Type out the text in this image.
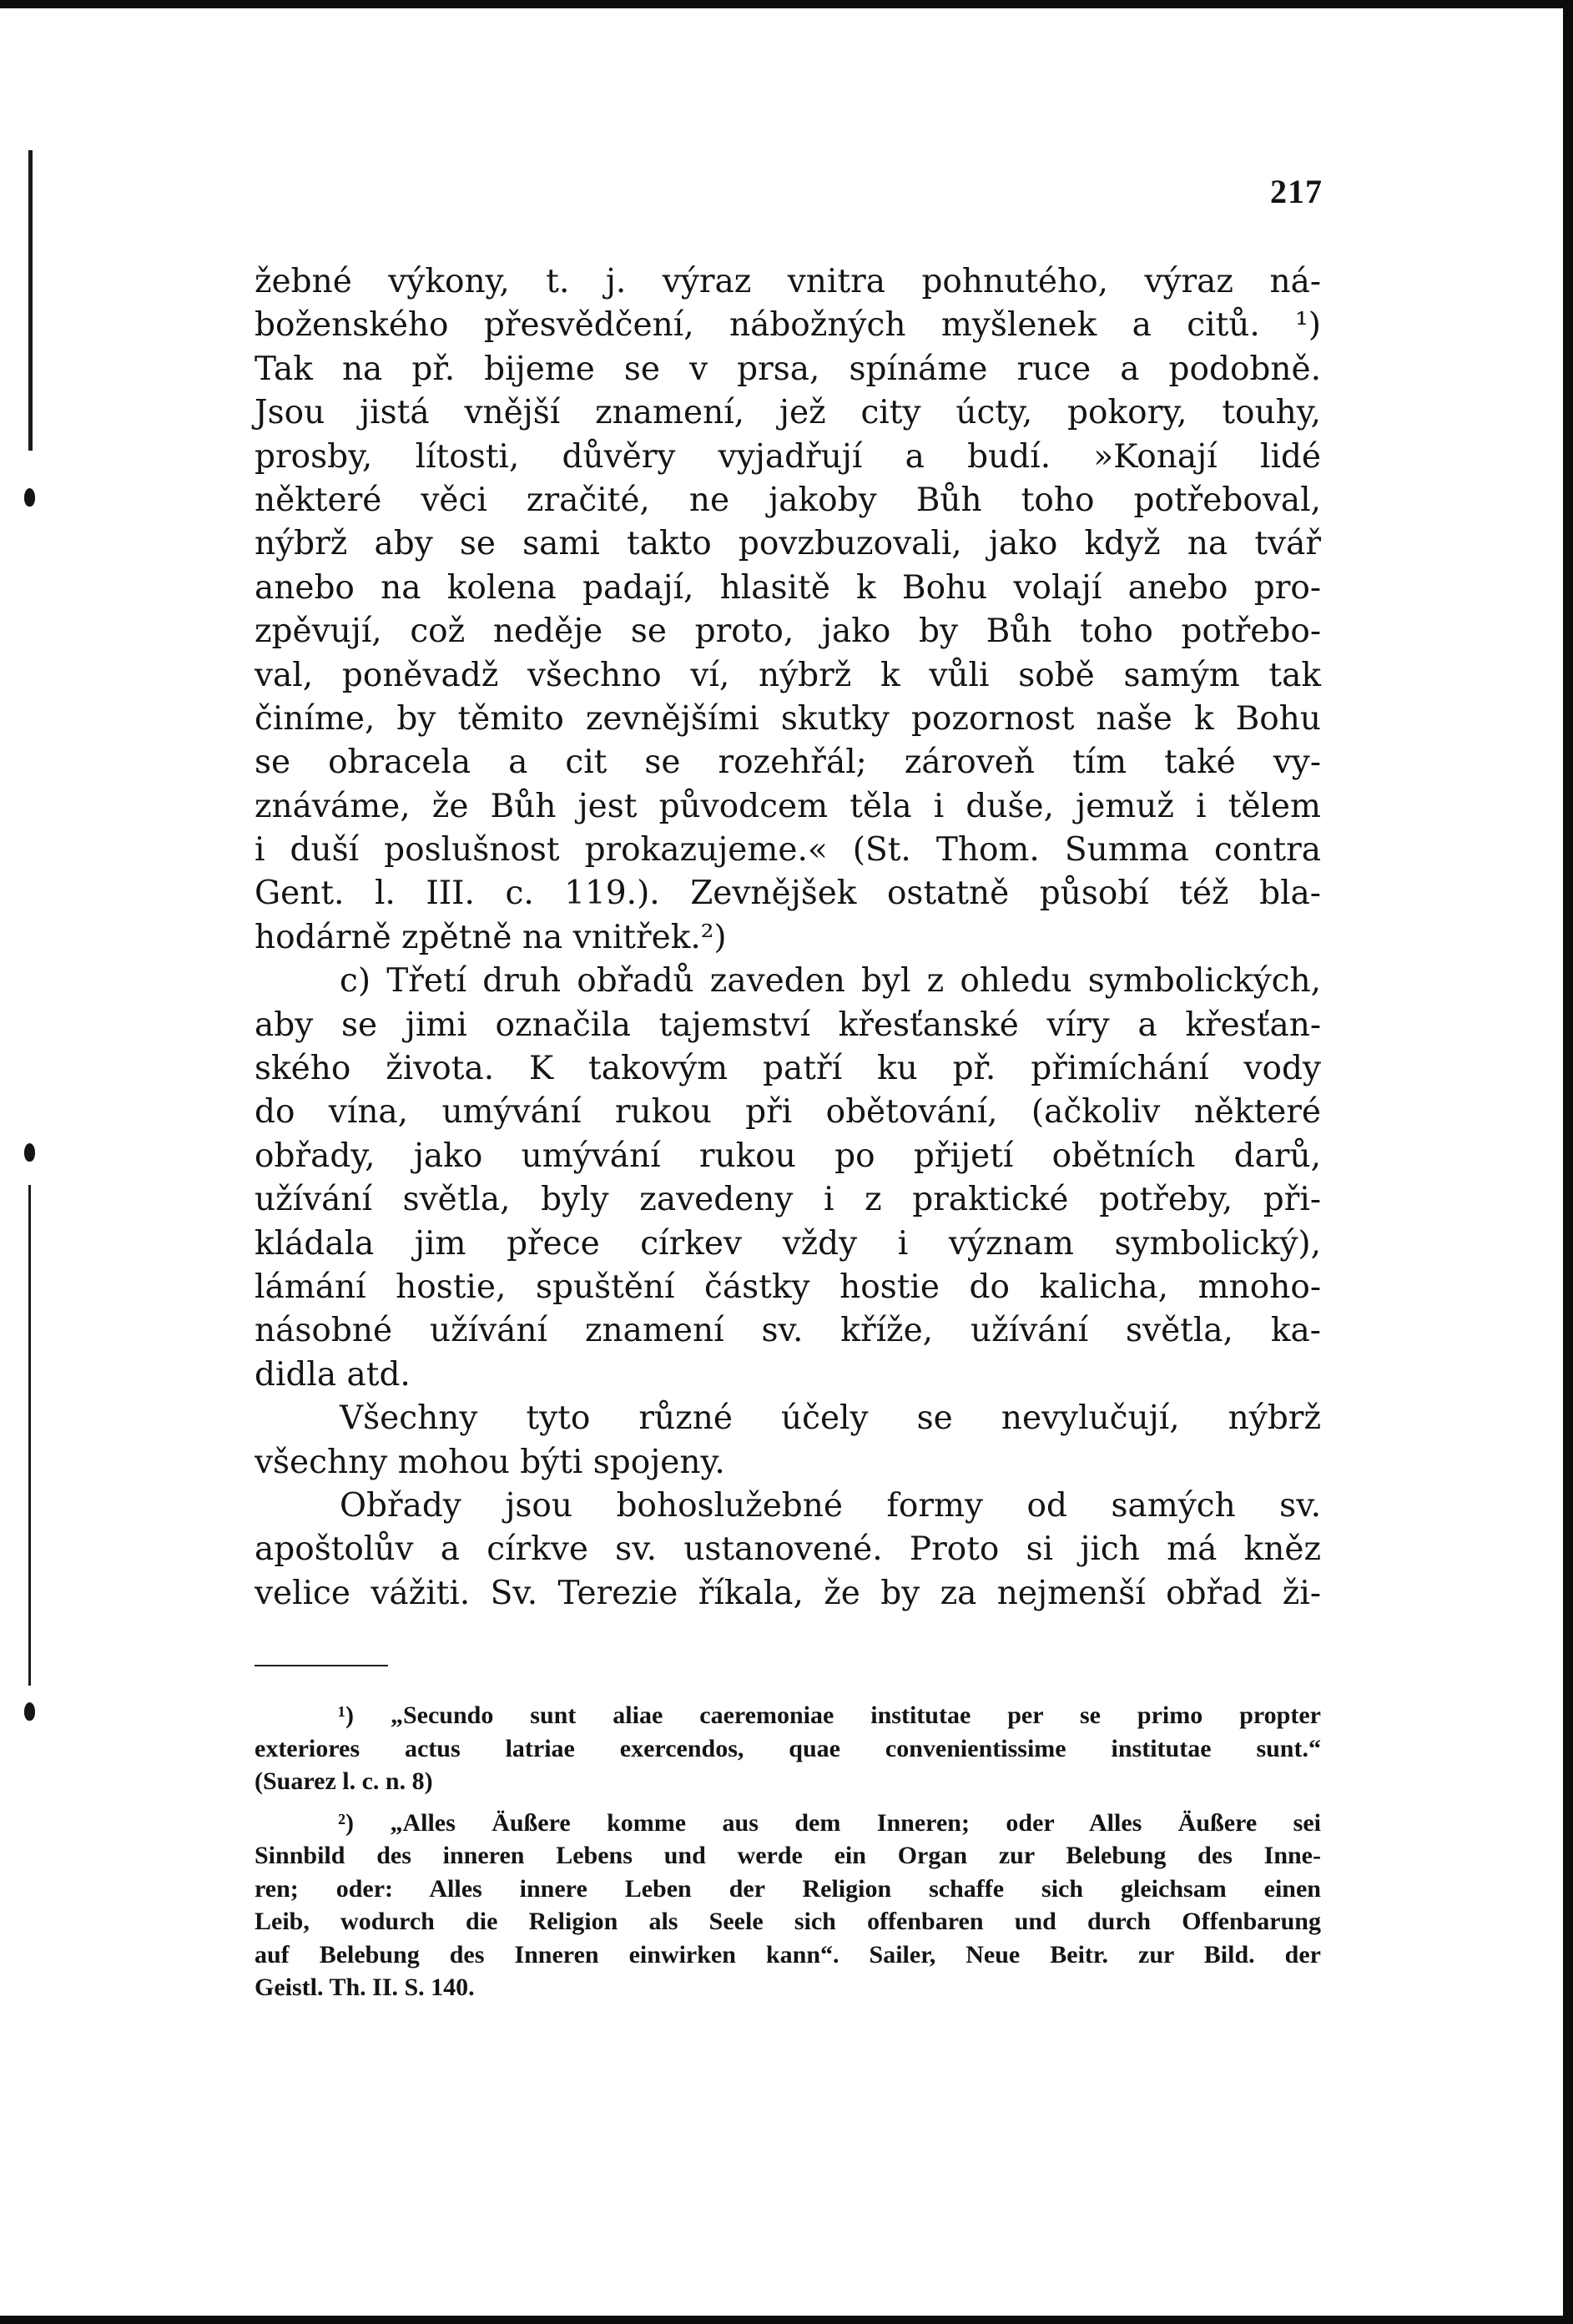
217
žebné výkony, t. j. výraz vnitra pohnutého, výraz ná-
boženského přesvědčení, nábožných myšlenek a citů. ¹)
Tak na př. bijeme se v prsa, spínáme ruce a podobně.
Jsou jistá vnější znamení, jež city úcty, pokory, touhy,
prosby, lítosti, důvěry vyjadřují a budí. »Konají lidé
některé věci zračité, ne jakoby Bůh toho potřeboval,
nýbrž aby se sami takto povzbuzovali, jako když na tvář
anebo na kolena padají, hlasitě k Bohu volají anebo pro-
zpěvují, což neděje se proto, jako by Bůh toho potřebo-
val, poněvadž všechno ví, nýbrž k vůli sobě samým tak
činíme, by těmito zevnějšími skutky pozornost naše k Bohu
se obracela a cit se rozehřál; zároveň tím také vy-
znáváme, že Bůh jest původcem těla i duše, jemuž i tělem
i duší poslušnost prokazujeme.« (St. Thom. Summa contra
Gent. l. III. c. 119.). Zevnějšek ostatně působí též bla-
hodárně zpětně na vnitřek.²)
c) Třetí druh obřadů zaveden byl z ohledu symbolických,
aby se jimi označila tajemství křesťanské víry a křesťan-
ského života. K takovým patří ku př. přimíchání vody
do vína, umývání rukou při obětování, (ačkoliv některé
obřady, jako umývání rukou po přijetí obětních darů,
užívání světla, byly zavedeny i z praktické potřeby, při-
kládala jim přece církev vždy i význam symbolický),
lámání hostie, spuštění částky hostie do kalicha, mnoho-
násobné užívání znamení sv. kříže, užívání světla, ka-
didla atd.
Všechny tyto různé účely se nevylučují, nýbrž
všechny mohou býti spojeny.
Obřady jsou bohoslužebné formy od samých sv.
apoštolův a církve sv. ustanovené. Proto si jich má kněz
velice vážiti. Sv. Terezie říkala, že by za nejmenší obřad ži-
¹) „Secundo sunt aliae caeremoniae institutae per se primo propter
exteriores actus latriae exercendos, quae convenientissime institutae sunt.“
(Suarez l. c. n. 8)
²) „Alles Äußere komme aus dem Inneren; oder Alles Äußere sei
Sinnbild des inneren Lebens und werde ein Organ zur Belebung des Inne-
ren; oder: Alles innere Leben der Religion schaffe sich gleichsam einen
Leib, wodurch die Religion als Seele sich offenbaren und durch Offenbarung
auf Belebung des Inneren einwirken kann“. Sailer, Neue Beitr. zur Bild. der
Geistl. Th. II. S. 140.
